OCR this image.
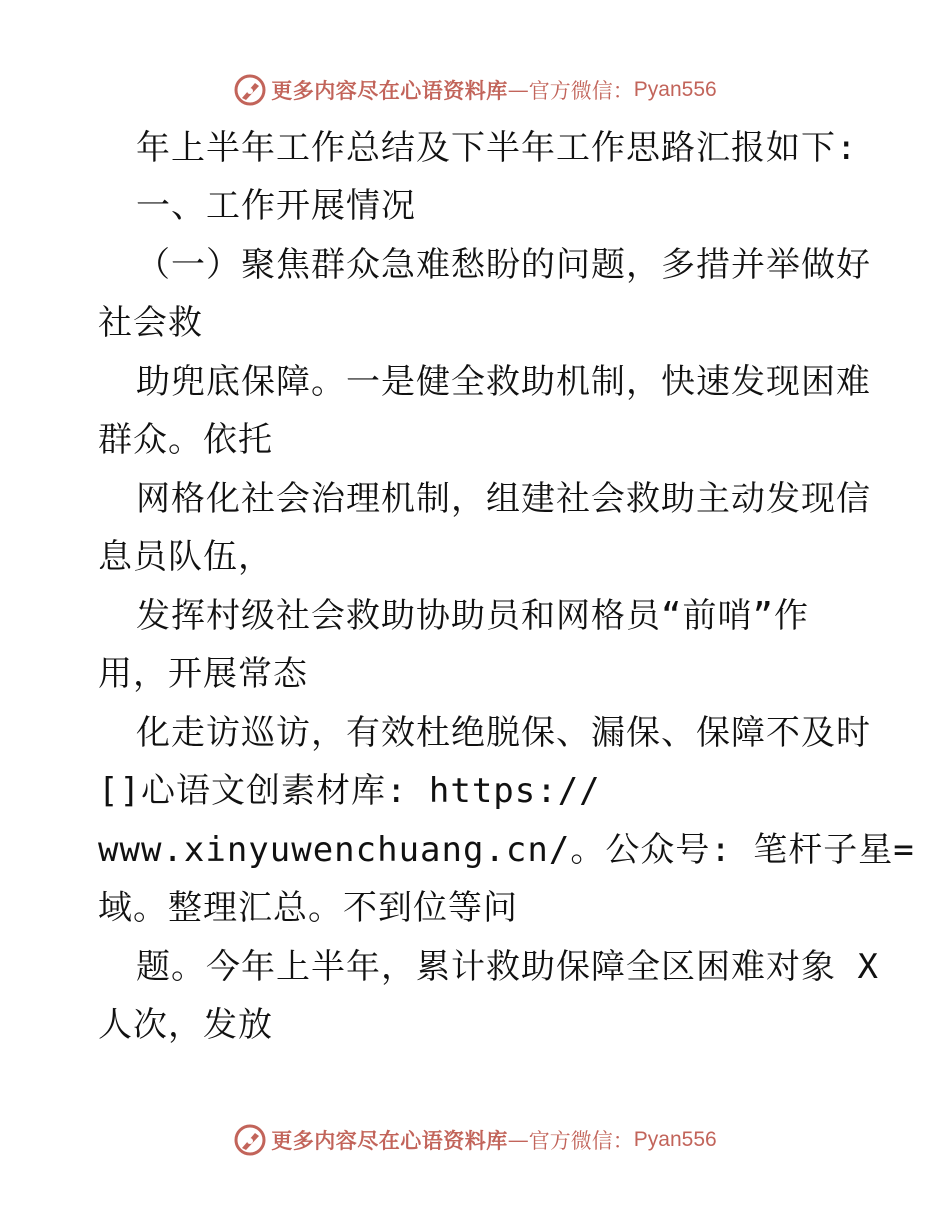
更多内容尽在心语资料库 — 官方微信： Pyan556
年上半年工作总结及下半年工作思路汇报如下:
一、工作开展情况
（一）聚焦群众急难愁盼的问题，多措并举做好
社会救
助兜底保障。一是健全救助机制，快速发现困难
群众。依托
网格化社会治理机制，组建社会救助主动发现信
息员队伍，
发挥村级社会救助协助员和网格员“前哨”作
用，开展常态
化走访巡访，有效杜绝脱保、漏保、保障不及时
[]心语文创素材库: https://
www.xinyuwenchuang.cn/。公众号: 笔杆子星=
域。整理汇总。不到位等问
题。今年上半年，累计救助保障全区困难对象 X
人次，发放
更多内容尽在心语资料库 — 官方微信： Pyan556
